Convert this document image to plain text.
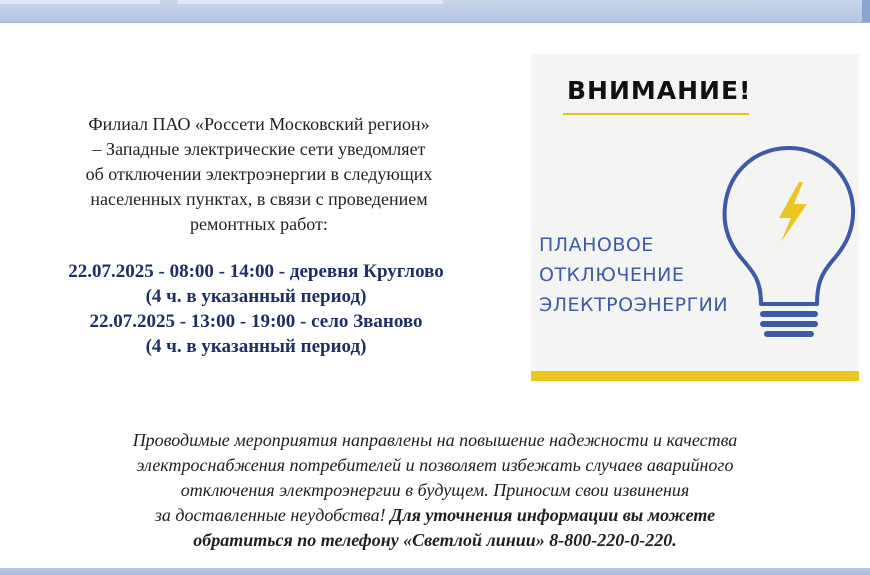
Филиал ПАО «Россети Московский регион»
– Западные электрические сети уведомляет
об отключении электроэнергии в следующих
населенных пунктах, в связи с проведением
ремонтных работ:
22.07.2025 - 08:00 - 14:00 - деревня Круглово
(4 ч. в указанный период)
22.07.2025 - 13:00 - 19:00 - село Званово
(4 ч. в указанный период)
ВНИМАНИЕ!
ПЛАНОВОЕ
ОТКЛЮЧЕНИЕ
ЭЛЕКТРОЭНЕРГИИ
Проводимые мероприятия направлены на повышение надежности и качества
электроснабжения потребителей и позволяет избежать случаев аварийного
отключения электроэнергии в будущем. Приносим свои извинения
за доставленные неудобства! Для уточнения информации вы можете
обратиться по телефону «Светлой линии» 8-800-220-0-220.
